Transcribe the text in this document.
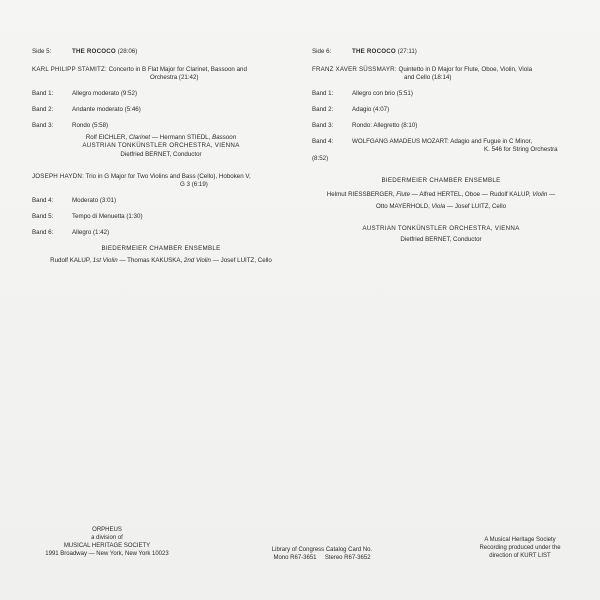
Side 5:	THE ROCOCO (28:06)
KARL PHILIPP STAMITZ: Concerto in B Flat Major for Clarinet, Bassoon and
Orchestra (21:42)
Band 1:	Allegro moderato (9:52)
Band 2:	Andante moderato (5:46)
Band 3:	Rondo (5:58)
Rolf EICHLER, Clarinet — Hermann STIEDL, Bassoon
AUSTRIAN TONKÜNSTLER ORCHESTRA, VIENNA
Dietfried BERNET, Conductor
JOSEPH HAYDN: Trio in G Major for Two Violins and Bass (Cello), Hoboken V,
G 3 (6:19)
Band 4:	Moderato (3:01)
Band 5:	Tempo di Menuetta (1:30)
Band 6:	Allegro (1:42)
BIEDERMEIER CHAMBER ENSEMBLE
Rudolf KALUP, 1st Violin — Thomas KAKUSKA, 2nd Violin — Josef LUITZ, Cello
Side 6:	THE ROCOCO (27:11)
FRANZ XAVER SÜSSMAYR: Quintetto in D Major for Flute, Oboe, Violin, Viola
and Cello (18:14)
Band 1:	Allegro con brio (5:51)
Band 2:	Adagio (4:07)
Band 3:	Rondo: Allegretto (8:10)
Band 4:	WOLFGANG AMADEUS MOZART: Adagio and Fugue in C Minor,
K. 546 for String Orchestra (8:52)
BIEDERMEIER CHAMBER ENSEMBLE
Helmut RIESSBERGER, Flute — Alfred HERTEL, Oboe — Rudolf KALUP, Violin —
Otto MAYERHOLD, Viola — Josef LUITZ, Cello
AUSTRIAN TONKÜNSTLER ORCHESTRA, VIENNA
Dietfried BERNET, Conductor
ORPHEUS
a division of
MUSICAL HERITAGE SOCIETY
1991 Broadway — New York, New York 10023
Library of Congress Catalog Card No.
Mono R67-3651     Stereo R67-3652
A Musical Heritage Society
Recording produced under the
direction of KURT LIST
